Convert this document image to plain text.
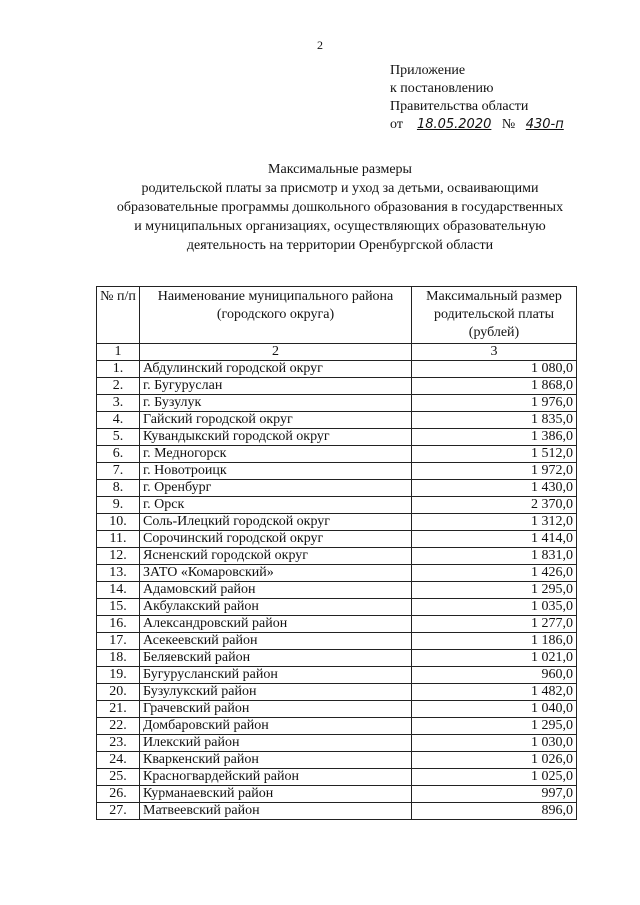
2
Приложение
к постановлению
Правительства области
от 18.05.2020 № 430-п
Максимальные размеры
родительской платы за присмотр и уход за детьми, осваивающими
образовательные программы дошкольного образования в государственных
и муниципальных организациях, осуществляющих образовательную
деятельность на территории Оренбургской области
№ п/п	Наименование муниципального района (городского округа)	Максимальный размер родительской платы (рублей)
1	2	3
1.	Абдулинский городской округ	1 080,0
2.	г. Бугуруслан	1 868,0
3.	г. Бузулук	1 976,0
4.	Гайский городской округ	1 835,0
5.	Кувандыкский городской округ	1 386,0
6.	г. Медногорск	1 512,0
7.	г. Новотроицк	1 972,0
8.	г. Оренбург	1 430,0
9.	г. Орск	2 370,0
10.	Соль-Илецкий городской округ	1 312,0
11.	Сорочинский городской округ	1 414,0
12.	Ясненский городской округ	1 831,0
13.	ЗАТО «Комаровский»	1 426,0
14.	Адамовский район	1 295,0
15.	Акбулакский район	1 035,0
16.	Александровский район	1 277,0
17.	Асекеевский район	1 186,0
18.	Беляевский район	1 021,0
19.	Бугурусланский район	960,0
20.	Бузулукский район	1 482,0
21.	Грачевский район	1 040,0
22.	Домбаровский район	1 295,0
23.	Илекский район	1 030,0
24.	Кваркенский район	1 026,0
25.	Красногвардейский район	1 025,0
26.	Курманаевский район	997,0
27.	Матвеевский район	896,0
